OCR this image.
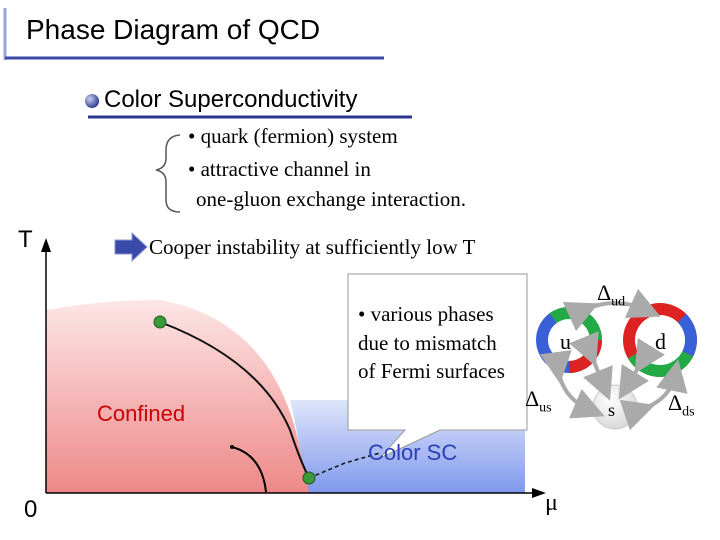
Phase Diagram of QCD
Color Superconductivity
• quark (fermion) system
• attractive channel in
one-gluon exchange interaction.
Cooper instability at sufficiently low T
T
0	μ
Confined
Color SC
• various phases
due to mismatch
of Fermi surfaces
u	d
s
$\Delta_{ud}$
$\Delta_{us}$	$\Delta_{ds}$
